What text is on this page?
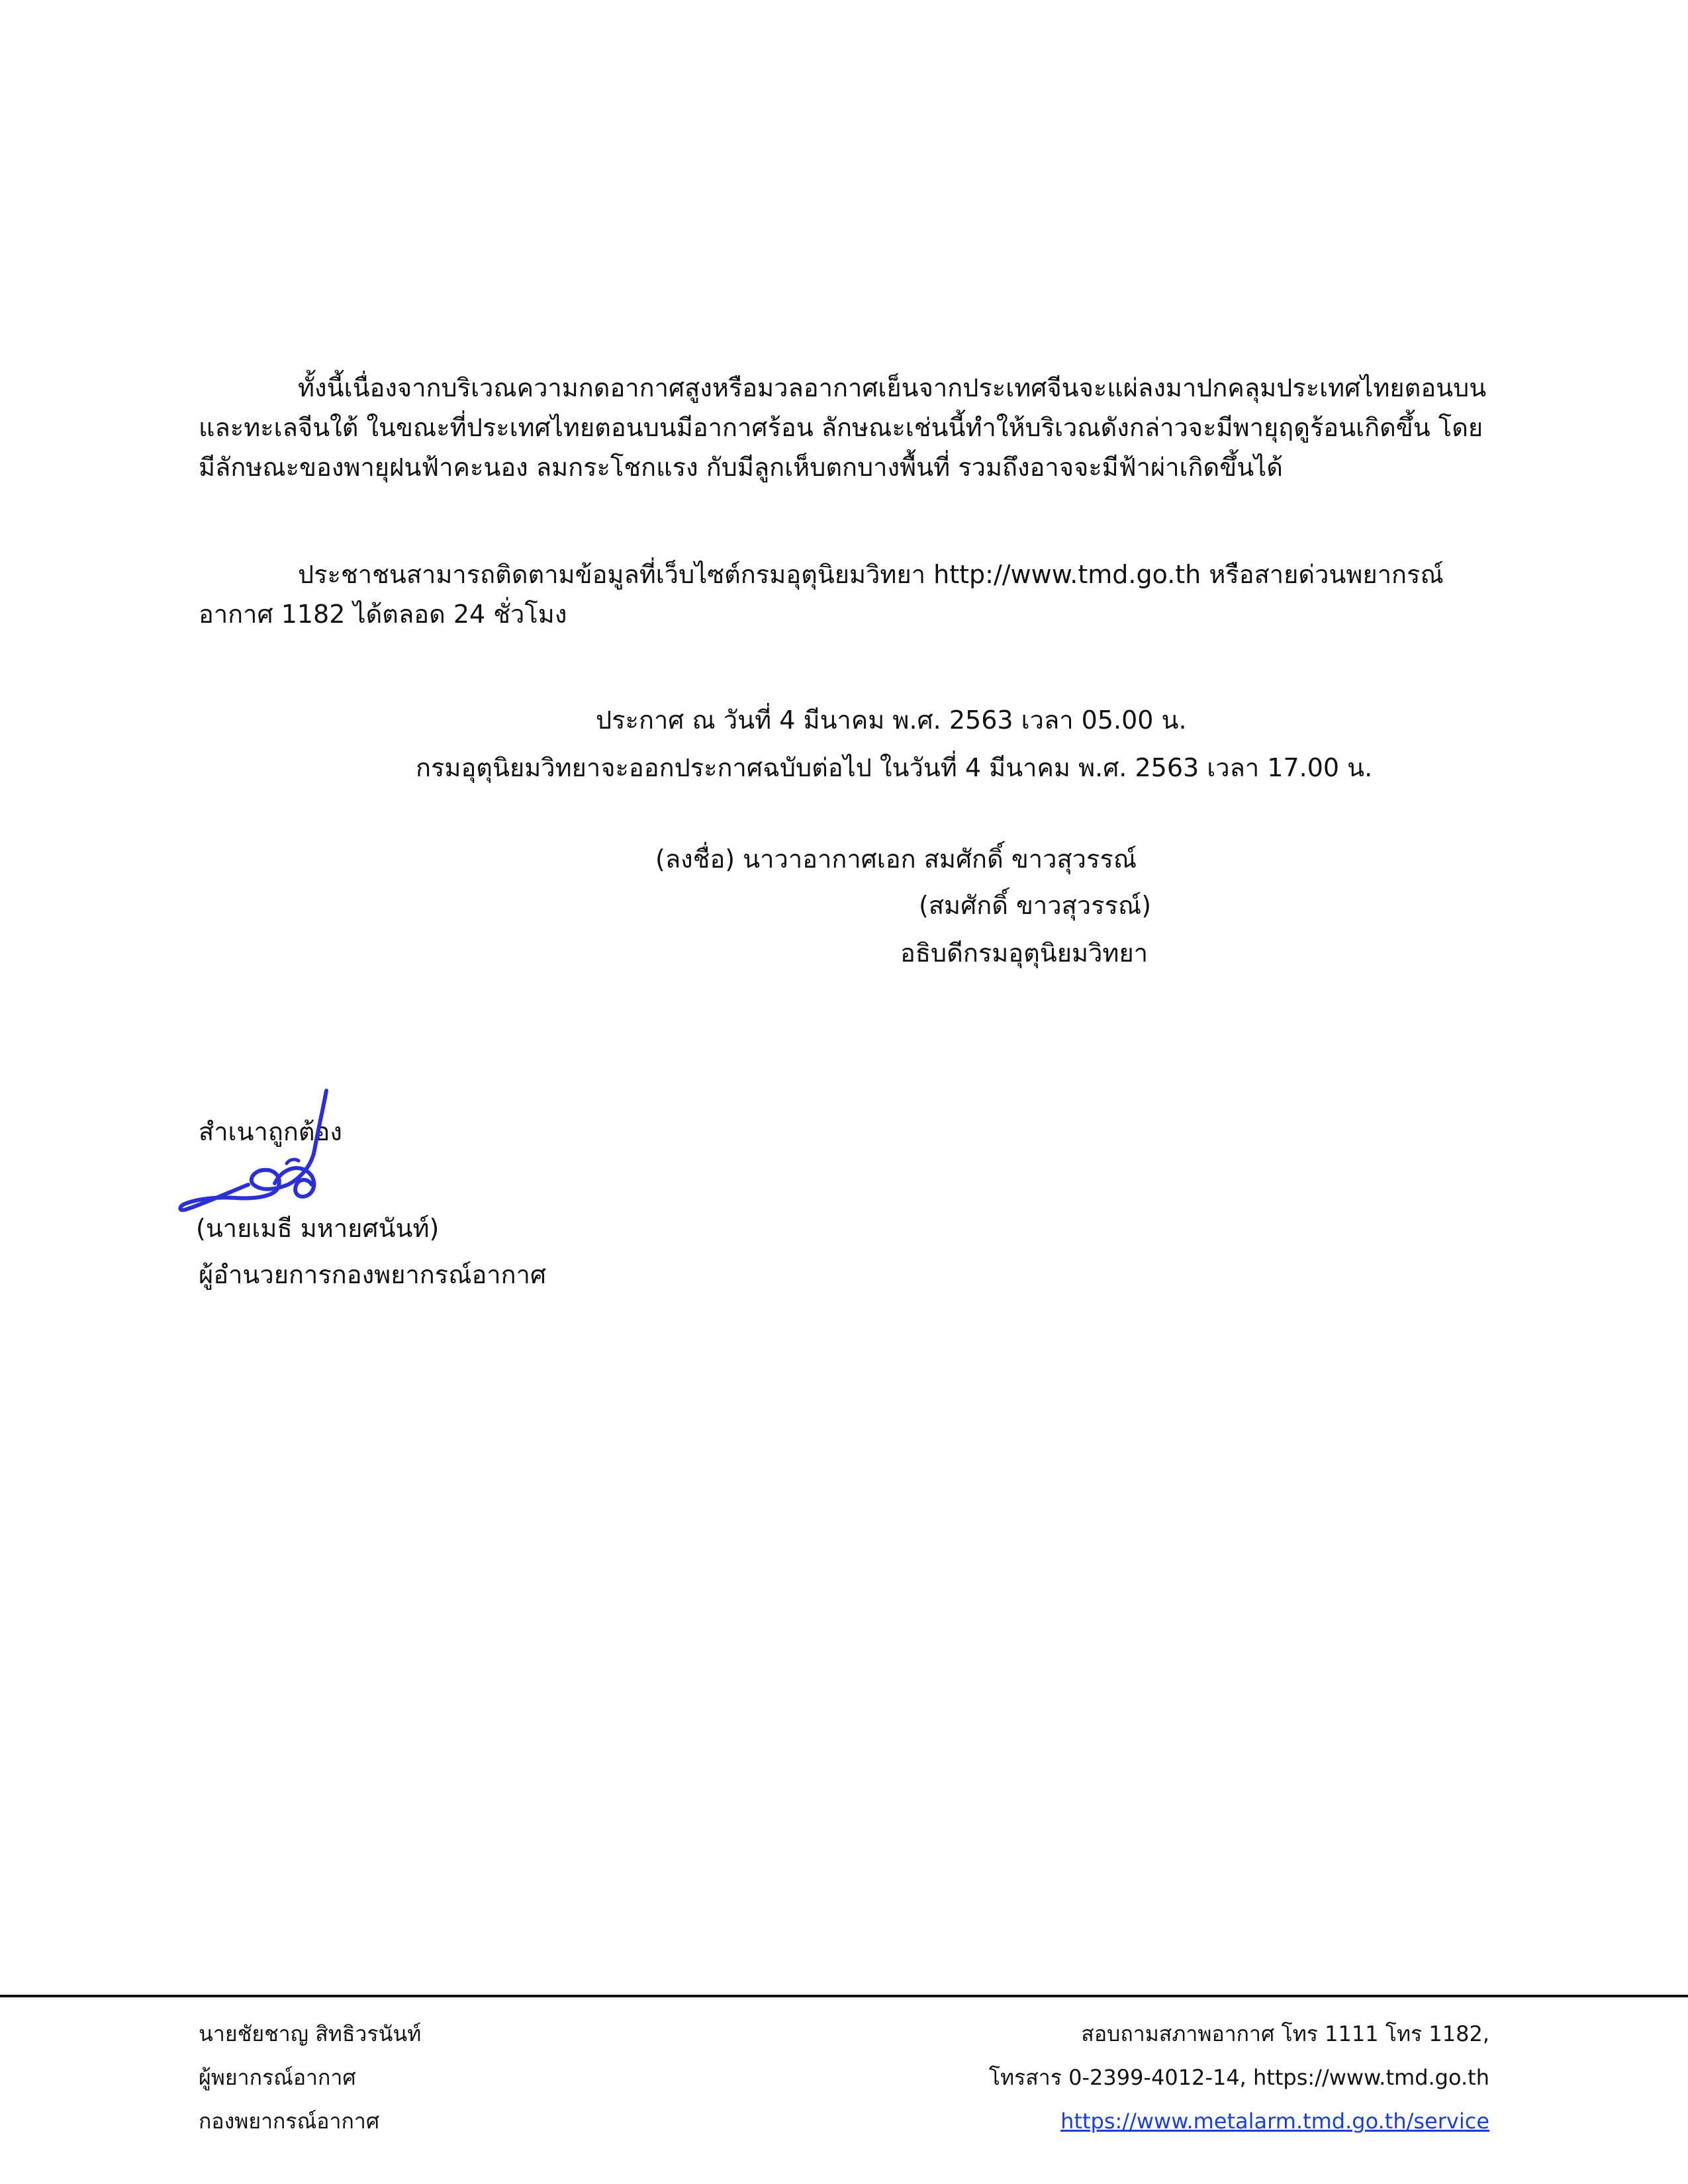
ทั้งนี้เนื่องจากบริเวณความกดอากาศสูงหรือมวลอากาศเย็นจากประเทศจีนจะแผ่ลงมาปกคลุมประเทศไทยตอนบนและทะเลจีนใต้ ในขณะที่ประเทศไทยตอนบนมีอากาศร้อน ลักษณะเช่นนี้ทำให้บริเวณดังกล่าวจะมีพายุฤดูร้อนเกิดขึ้น โดยมีลักษณะของพายุฝนฟ้าคะนอง ลมกระโชกแรง กับมีลูกเห็บตกบางพื้นที่ รวมถึงอาจจะมีฟ้าผ่าเกิดขึ้นได้

ประชาชนสามารถติดตามข้อมูลที่เว็บไซต์กรมอุตุนิยมวิทยา http://www.tmd.go.th หรือสายด่วนพยากรณ์อากาศ 1182 ได้ตลอด 24 ชั่วโมง

ประกาศ ณ วันที่ 4 มีนาคม พ.ศ. 2563 เวลา 05.00 น.
กรมอุตุนิยมวิทยาจะออกประกาศฉบับต่อไป ในวันที่ 4 มีนาคม พ.ศ. 2563 เวลา 17.00 น.
(ลงชื่อ) นาวาอากาศเอก สมศักดิ์ ขาวสุวรรณ์
(สมศักดิ์ ขาวสุวรรณ์)
อธิบดีกรมอุตุนิยมวิทยา
สำเนาถูกต้อง
(นายเมธี มหายศนันท์)
ผู้อำนวยการกองพยากรณ์อากาศ
นายชัยชาญ สิทธิวรนันท์
ผู้พยากรณ์อากาศ
กองพยากรณ์อากาศ
สอบถามสภาพอากาศ โทร 1111 โทร 1182,
โทรสาร 0-2399-4012-14, https://www.tmd.go.th
https://www.metalarm.tmd.go.th/service
